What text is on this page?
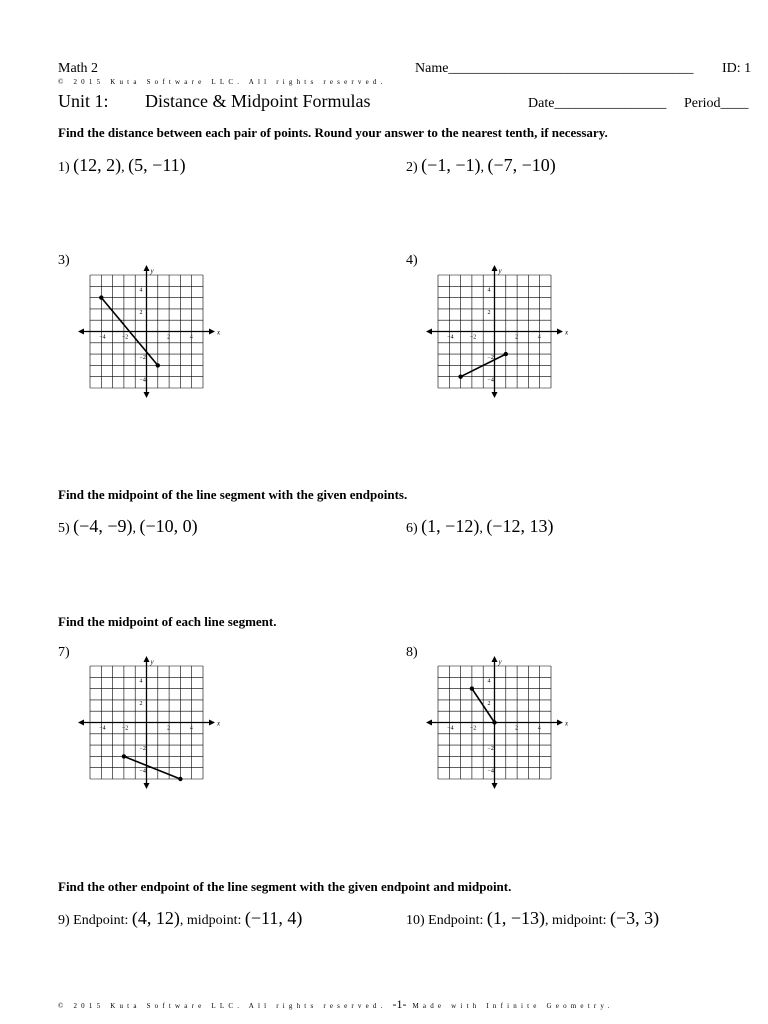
Math 2	Name___________________________________ ID: 1
© 2015 Kuta Software LLC. All rights reserved.
Unit 1: Distance & Midpoint Formulas	Date________________ Period____
Find the distance between each pair of points. Round your answer to the nearest tenth, if necessary.
1) (12, 2), (5, −11)	2) (−1, −1), (−7, −10)
3)	4)
x
y
−4	−2	2	4
4
2
−2
−4
x
y
−4	−2	2	4
4
2
−2
−4
Find the midpoint of the line segment with the given endpoints.
5) (−4, −9), (−10, 0)	6) (1, −12), (−12, 13)
Find the midpoint of each line segment.
7)	8)
x
y
−4	−2	2	4
4
2
−2
−4
x
y
−4	−2	2	4
4
2
−2
−4
Find the other endpoint of the line segment with the given endpoint and midpoint.
9) Endpoint: (4, 12), midpoint: (−11, 4)	10) Endpoint: (1, −13), midpoint: (−3, 3)
© 2015 Kuta Software LLC. All rights reserved. -1- Made with Infinite Geometry.
